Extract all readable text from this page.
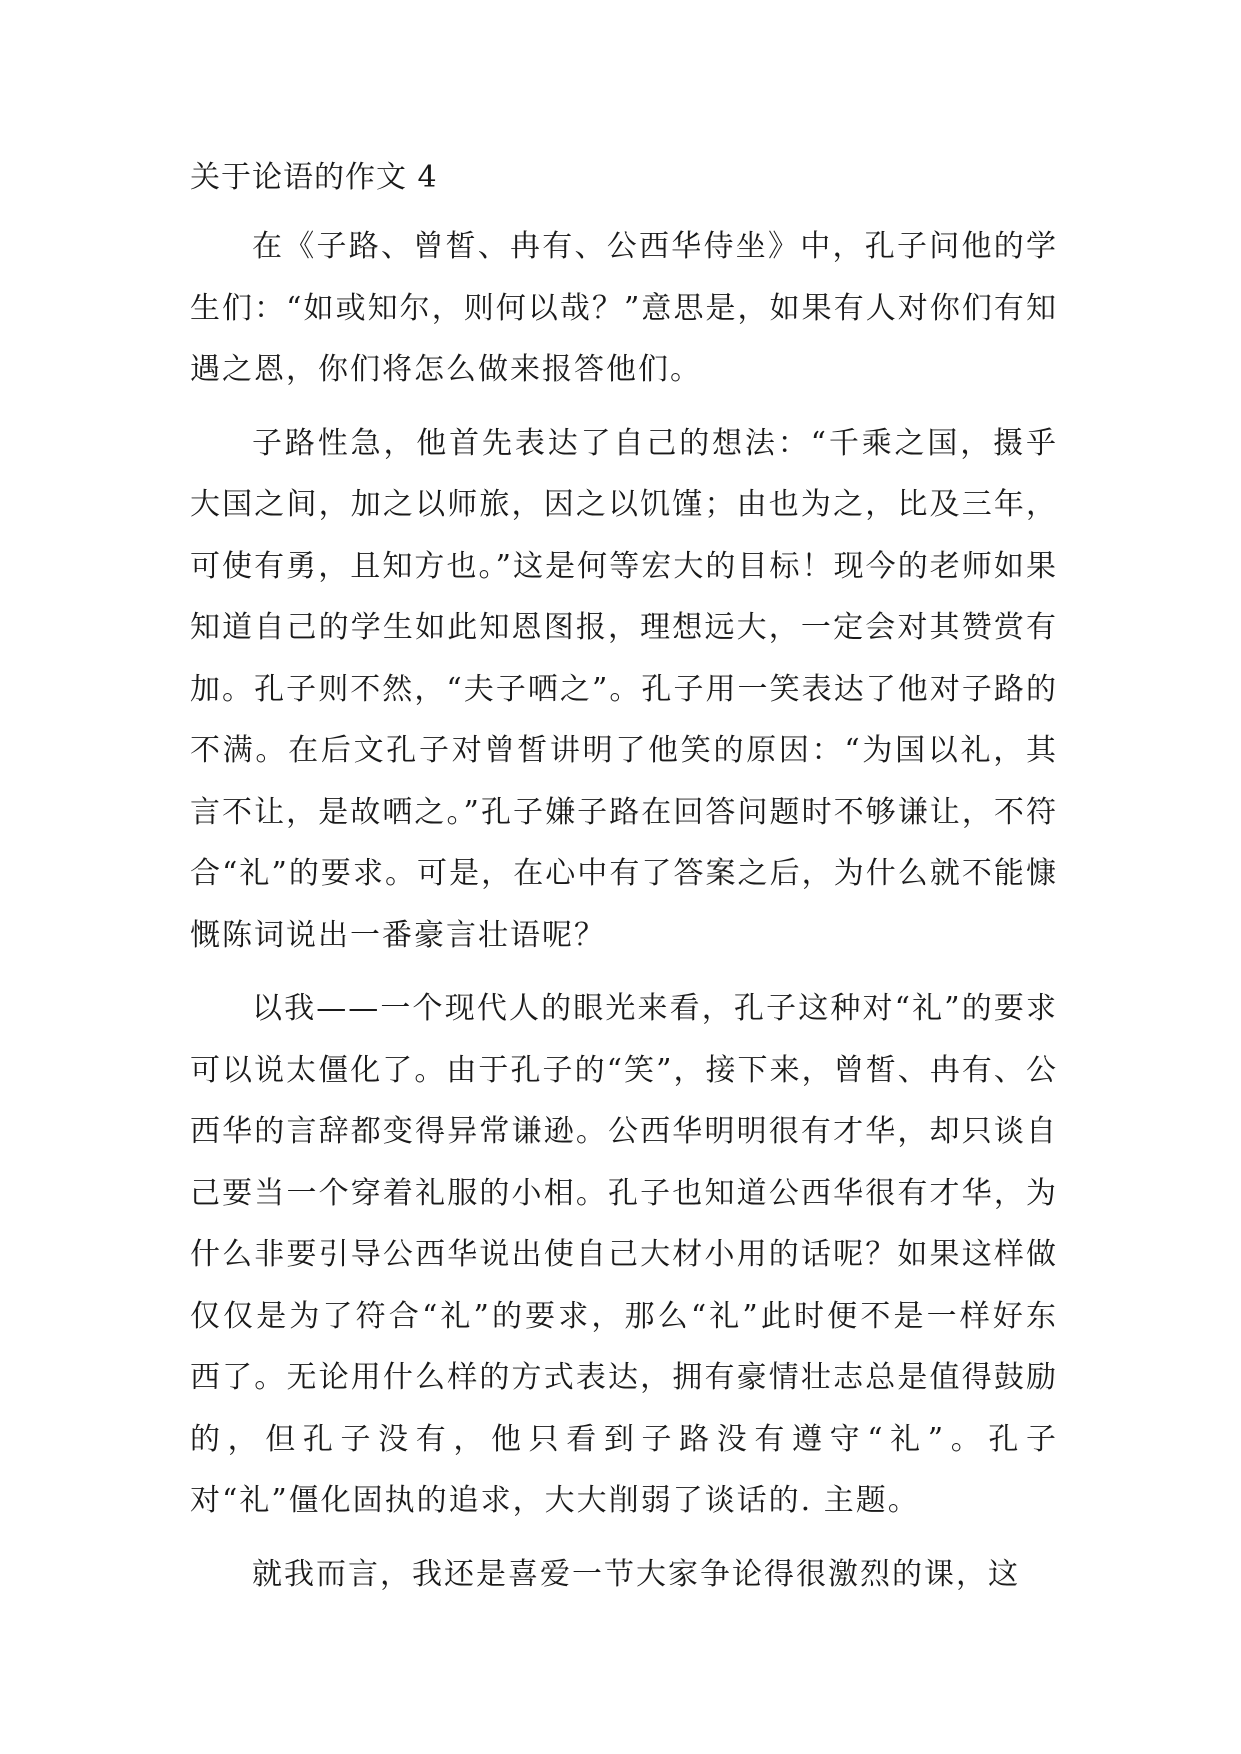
关于论语的作文 4

在《子路、曾皙、冉有、公西华侍坐》中，孔子问他的学生们：“如或知尔，则何以哉？”意思是，如果有人对你们有知遇之恩，你们将怎么做来报答他们。

子路性急，他首先表达了自己的想法：“千乘之国，摄乎大国之间，加之以师旅，因之以饥馑；由也为之，比及三年，可使有勇，且知方也。”这是何等宏大的目标！现今的老师如果知道自己的学生如此知恩图报，理想远大，一定会对其赞赏有加。孔子则不然，“夫子哂之”。孔子用一笑表达了他对子路的不满。在后文孔子对曾皙讲明了他笑的原因：“为国以礼，其言不让，是故哂之。”孔子嫌子路在回答问题时不够谦让，不符合“礼”的要求。可是，在心中有了答案之后，为什么就不能慷慨陈词说出一番豪言壮语呢？

以我——一个现代人的眼光来看，孔子这种对“礼”的要求可以说太僵化了。由于孔子的“笑”，接下来，曾皙、冉有、公西华的言辞都变得异常谦逊。公西华明明很有才华，却只谈自己要当一个穿着礼服的小相。孔子也知道公西华很有才华，为什么非要引导公西华说出使自己大材小用的话呢？如果这样做仅仅是为了符合“礼”的要求，那么“礼”此时便不是一样好东西了。无论用什么样的方式表达，拥有豪情壮志总是值得鼓励的，但孔子没有，他只看到子路没有遵守“礼”。孔子对“礼”僵化固执的追求，大大削弱了谈话的. 主题。

就我而言，我还是喜爱一节大家争论得很激烈的课，这
